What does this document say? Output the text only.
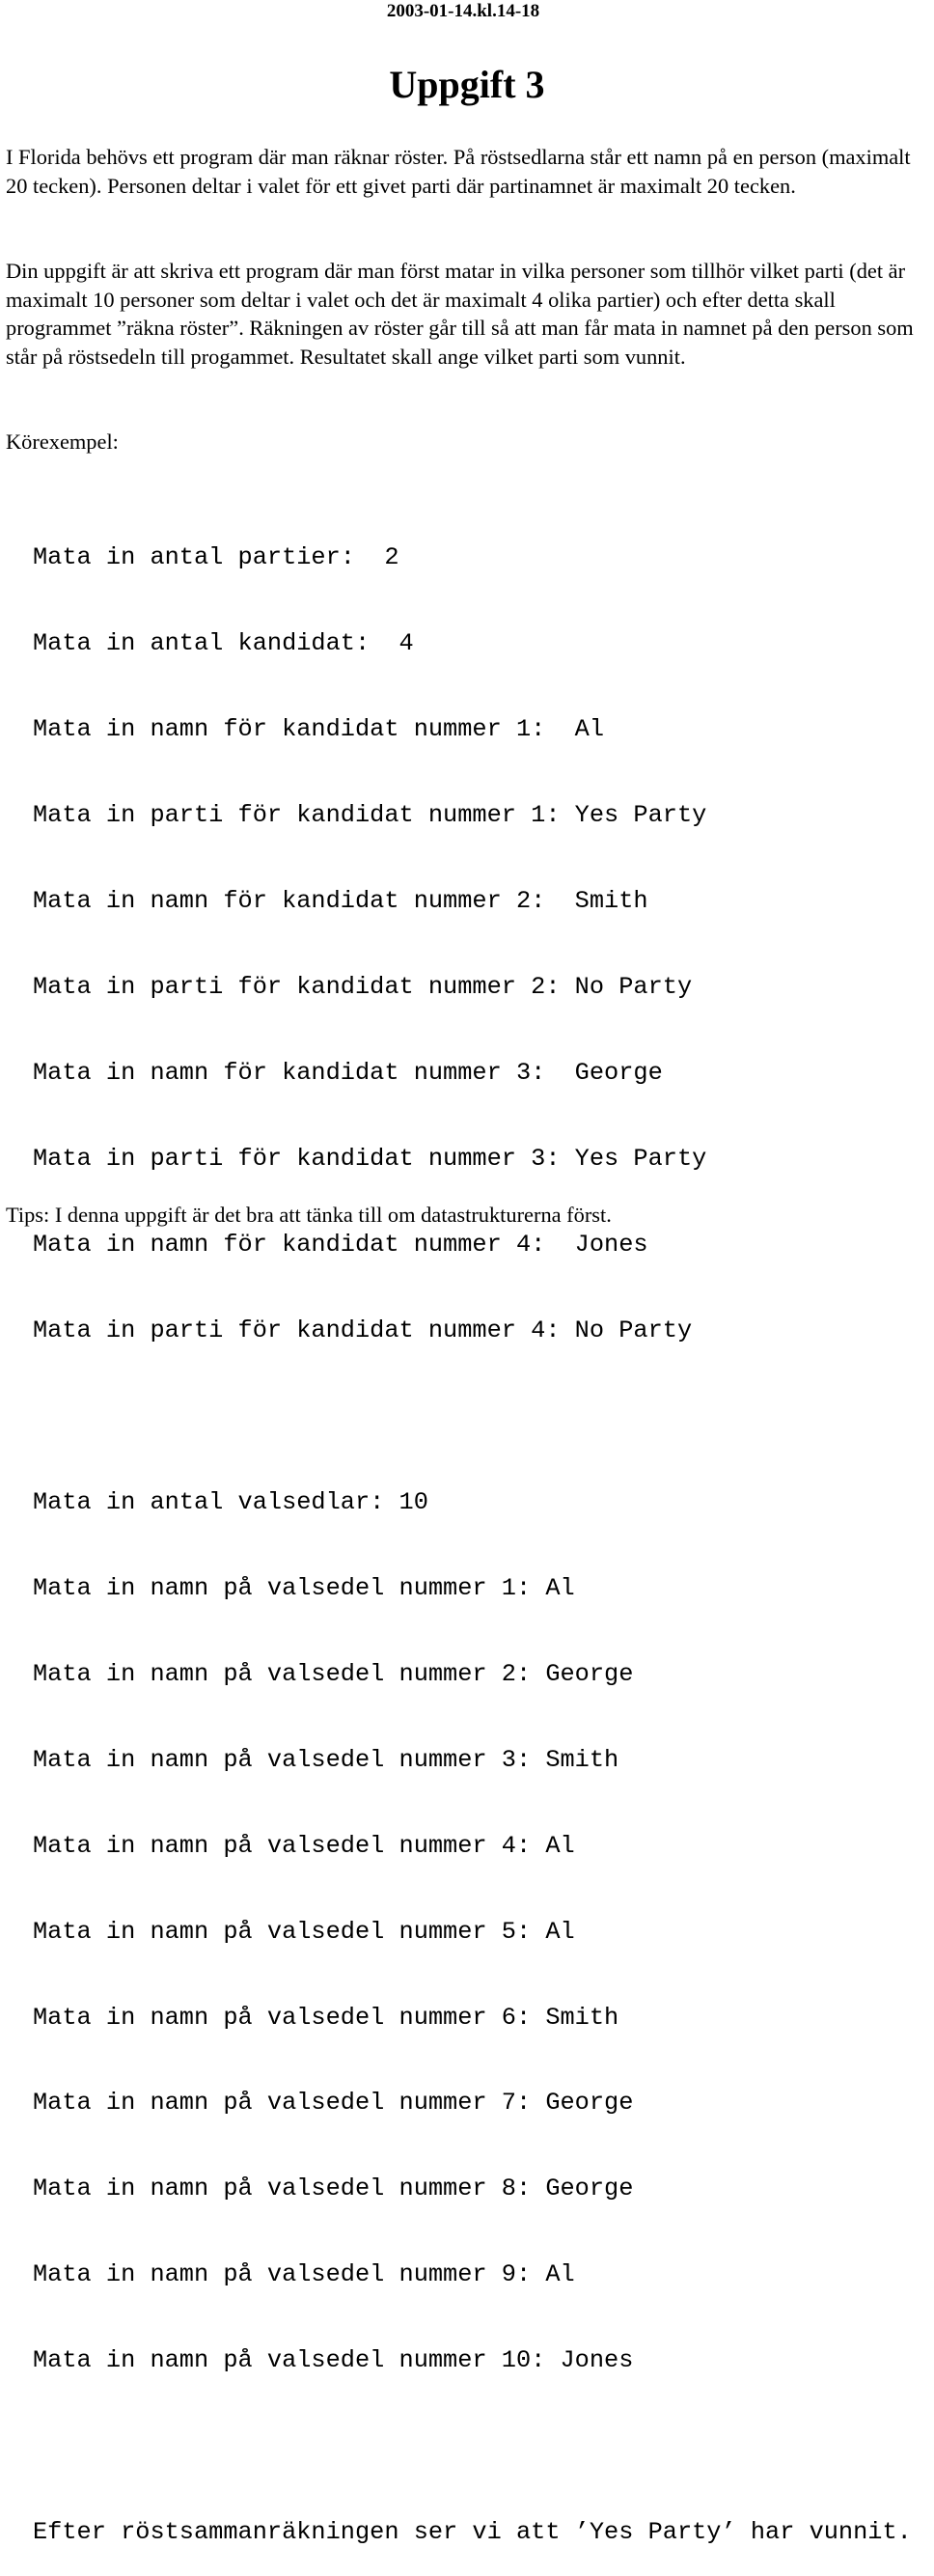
2003-01-14.kl.14-18
Uppgift 3

I Florida behövs ett program där man räknar röster. På röstsedlarna står ett namn på en person (maximalt 20 tecken). Personen deltar i valet för ett givet parti där partinamnet är maximalt 20 tecken.

Din uppgift är att skriva ett program där man först matar in vilka personer som tillhör vilket parti (det är maximalt 10 personer som deltar i valet och det är maximalt 4 olika partier) och efter detta skall programmet ”räkna röster”. Räkningen av röster går till så att man får mata in namnet på den person som står på röstsedeln till progammet. Resultatet skall ange vilket parti som vunnit.

Körexempel:

Mata in antal partier:  2

Mata in antal kandidat:  4

Mata in namn för kandidat nummer 1:  Al

Mata in parti för kandidat nummer 1: Yes Party

Mata in namn för kandidat nummer 2:  Smith

Mata in parti för kandidat nummer 2: No Party

Mata in namn för kandidat nummer 3:  George

Mata in parti för kandidat nummer 3: Yes Party

Mata in namn för kandidat nummer 4:  Jones

Mata in parti för kandidat nummer 4: No Party

Mata in antal valsedlar: 10

Mata in namn på valsedel nummer 1: Al

Mata in namn på valsedel nummer 2: George

Mata in namn på valsedel nummer 3: Smith

Mata in namn på valsedel nummer 4: Al

Mata in namn på valsedel nummer 5: Al

Mata in namn på valsedel nummer 6: Smith

Mata in namn på valsedel nummer 7: George

Mata in namn på valsedel nummer 8: George

Mata in namn på valsedel nummer 9: Al

Mata in namn på valsedel nummer 10: Jones

Efter röstsammanräkningen ser vi att ’Yes Party’ har vunnit.

Tips: I denna uppgift är det bra att tänka till om datastrukturerna först.
